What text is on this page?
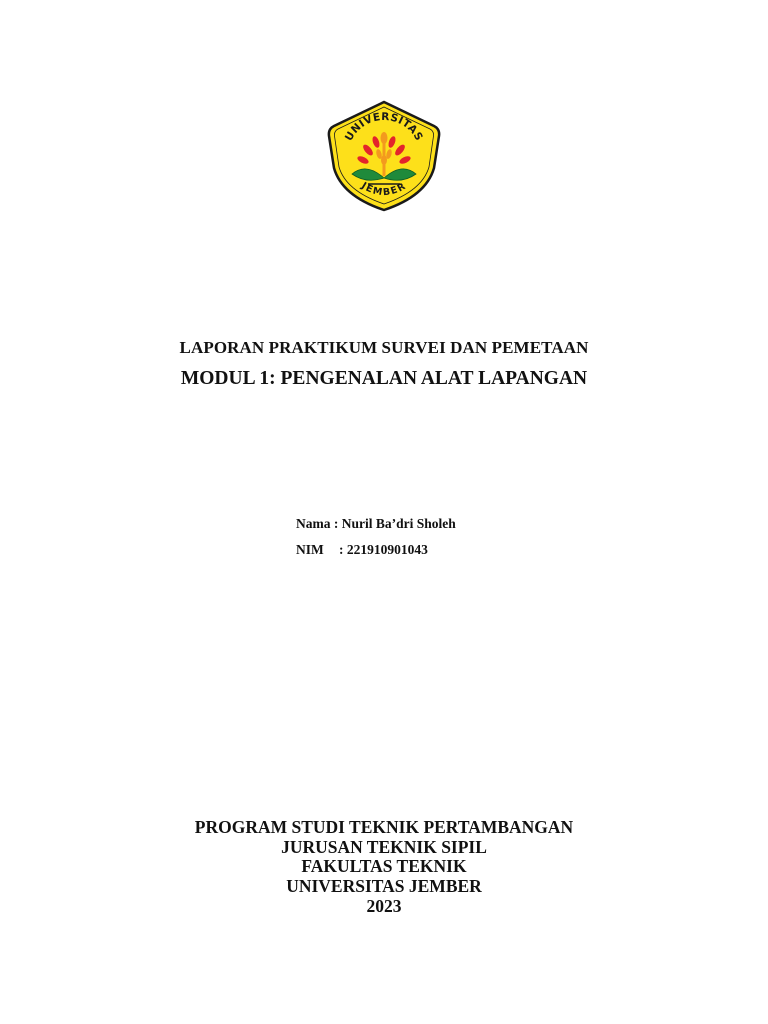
UNIVERSITAS
JEMBER
LAPORAN PRAKTIKUM SURVEI DAN PEMETAAN
MODUL 1: PENGENALAN ALAT LAPANGAN
Nama : Nuril Ba’dri Sholeh
NIM : 221910901043
PROGRAM STUDI TEKNIK PERTAMBANGAN
JURUSAN TEKNIK SIPIL
FAKULTAS TEKNIK
UNIVERSITAS JEMBER
2023
